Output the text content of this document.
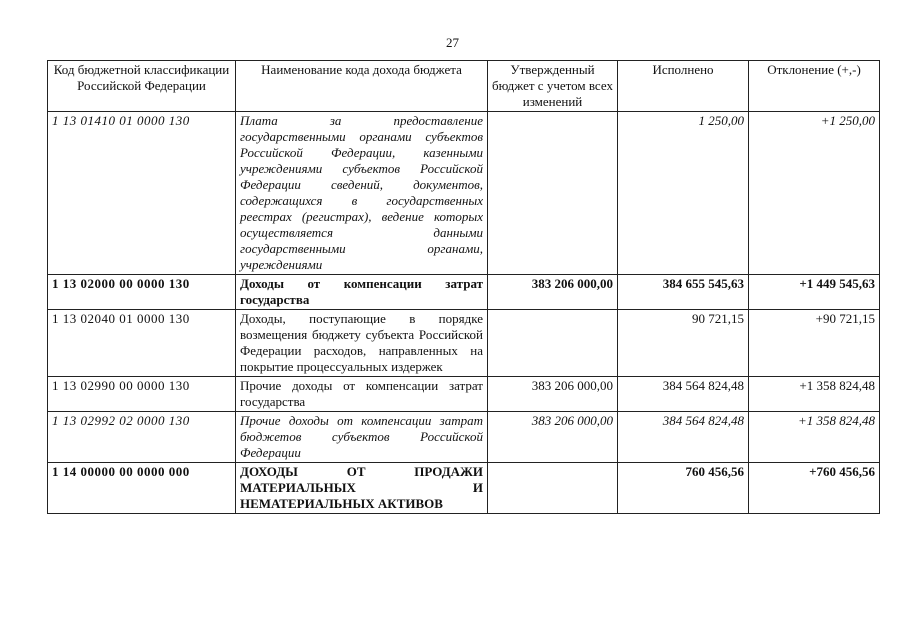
27
Код бюджетной классификации Российской Федерации	Наименование кода дохода бюджета	Утвержденный бюджет с учетом всех изменений	Исполнено	Отклонение (+,-)
1 13 01410 01 0000 130	Плата за предоставление государственными органами субъектов Российской Федерации, казенными учреждениями субъектов Российской Федерации сведений, документов, содержащихся в государственных реестрах (регистрах), ведение которых осуществляется данными государственными органами, учреждениями		1 250,00	+1 250,00
1 13 02000 00 0000 130	Доходы от компенсации затрат государства	383 206 000,00	384 655 545,63	+1 449 545,63
1 13 02040 01 0000 130	Доходы, поступающие в порядке возмещения бюджету субъекта Российской Федерации расходов, направленных на покрытие процессуальных издержек		90 721,15	+90 721,15
1 13 02990 00 0000 130	Прочие доходы от компенсации затрат государства	383 206 000,00	384 564 824,48	+1 358 824,48
1 13 02992 02 0000 130	Прочие доходы от компенсации затрат бюджетов субъектов Российской Федерации	383 206 000,00	384 564 824,48	+1 358 824,48
1 14 00000 00 0000 000	ДОХОДЫ ОТ ПРОДАЖИ МАТЕРИАЛЬНЫХ И НЕМАТЕРИАЛЬНЫХ АКТИВОВ		760 456,56	+760 456,56
